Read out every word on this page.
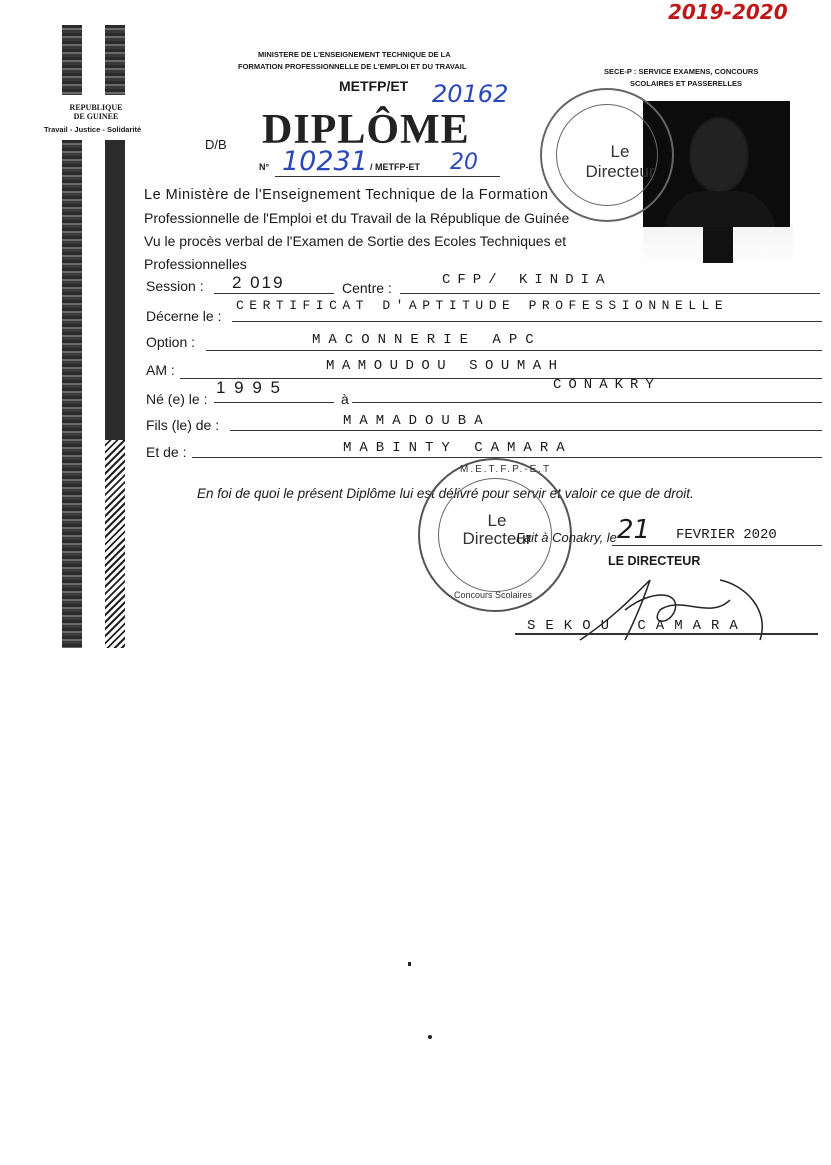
2019-2020
REPUBLIQUE
DE GUINEE
Travail - Justice - Solidarité
MINISTERE DE L'ENSEIGNEMENT TECHNIQUE DE LA
FORMATION PROFESSIONNELLE DE L'EMPLOI ET DU TRAVAIL
METFP/ET 20162
SECE-P : SERVICE EXAMENS, CONCOURS
SCOLAIRES ET PASSERELLES
DIPLÔME
D/B
N° 10231 / METFP-ET 20	Le
Directeur
Le Ministère de l'Enseignement Technique de la Formation
Professionnelle de l'Emploi et du Travail de la République de Guinée
Vu le procès verbal de l'Examen de Sortie des Ecoles Techniques et
Professionnelles
Session : 2 019	Centre :	CFP/ KINDIA
Décerne le :
CERTIFICAT D'APTITUDE PROFESSIONNELLE
Option :	MACONNERIE APC
AM :	MAMOUDOU SOUMAH
Né (e) le :
1 9 9 5
à
CONAKRY
Fils (le) de :	MAMADOUBA
Et de :	MABINTY CAMARA
En foi de quoi le présent Diplôme lui est délivré pour servir et valoir ce que de droit.
M.E.T.F.P.-E.T
Concours Scolaires
Le
Directeur
Fait à Conakry, le 21 FEVRIER 2020
LE DIRECTEUR
SEKOU CAMARA
